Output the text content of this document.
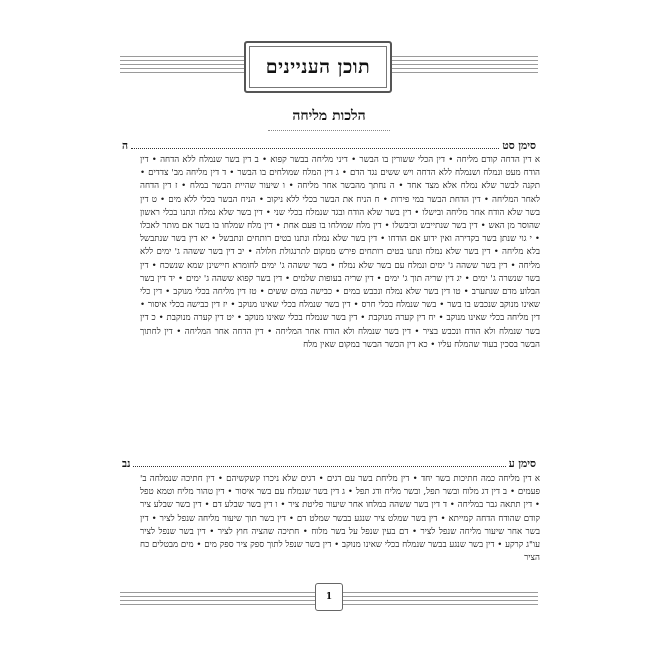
תוכן העניינים
הלכות מליחה
סימן סט
ה
א דין הדחה קודם מליחה • דין הכלי ששורין בו הבשר • דיני מליחה בבשר קפוא • ב דין בשר שנמלח ללא הדחה • דין הודח מעט ונמלח ושנמלח ללא הדחה ויש ששים נגד הדם • ג דין המלח שמולחים בו הבשר • ד דין מליחה מב' צדדים • תקנה לבשר שלא נמלח אלא מצד אחד • ה נחתך מהבשר אחר מליחה • ו שיעור שהיית הבשר במלח • ז דין הדחה לאחר המליחה • דין הדחת הבשר במי פירות • ח הניח את הבשר בכלי ללא ניקוב • הניח הבשר בכלי ללא מים • ט דין בשר שלא הודח אחר מליחה ובישלו • דין בשר שלא הודח ובגד שנמלח בכלי שני • דין בשר שלא נמלח ונתנו בכלי ראשון שהוסר מן האש • דין בשר שנתייבש וביבשלו • דין מלח שמולחו בו פעם אחת • דין מלח שמלחו בו בשר אם מותר לאכלו • י גוי שנתן בשר בקדירה ואין ידוע אם הודחו • דין בשר שלא נמלח ונתנו בטים רותחים ונתבשל • יא דין בשר שנתבשל בלא מליחה • דין בשר שלא נמלח ונתנו בטים רותחים פירש ממקום לתרנגולת חלולה • יב דין בשר ששהה ג' ימים ללא מליחה • דין בשר ששהה ג' ימים ונמלח עם בשר שלא נמלח • בשר ששהה ג' ימים לחומרא חיישינן שמא שנשכח • דין בשר שנשרה ג' ימים • יג דין שריה תוך ג' ימים • דין שריה בעופות שלמים • דין בשר קפוא ששהה ג' ימים • יד דין בשר הבלוע מדם שנתערב • טו דין בשר שלא נמלח ונכבש במים • כבישה במים ששים • טז דין מליחה בכלי מנוקב • דין כלי שאינו מנוקב שנכבש בו בשר • בשר שנמלח בכלי חרס • דין בשר שנמלח בכלי שאינו מנוקב • יז דין כבישה בכלי איסור • דין מליחה בכלי שאינו מנוקב • יח דין קערה מנוקבת • דין בשר שנמלח בכלי שאינו מנוקב • יט דין קערה מנוקבת • כ דין בשר שנמלח ולא הודח ונכבש בציר • דין בשר שנמלח ולא הודח אחר המליחה • דין הדחה אחר המליחה • דין לחתוך הבשר בסכין בעוד שהמלח עליו • כא דין הכשר הבשר במקום שאין מלח
סימן ע
נב
א דין מליחה כמה חתיכות בשר יחד • דין מליחת בשר עם דגים • דגים שלא ניכרו קשקשיהם • דין חתיכה שנמלחה ב' פעמים • ב דין דג מלוח ובשר תפל, ובשר מליח ודג תפל • ג דין בשר שנמלח עם בשר איסור • דין טהור מליח וטמא טפל • דין תתאה גבר במליחה • ד דין בשר ששהה במלחו אחר שיעור פליטת ציר • ו דין בשר שבלע דם • דין בשר שבלע ציר קודם שהודח הדחה קמייתא • דין בשר שמלט ציר שנגע בבשר שמלט דם • דין בשר תוך שיעור מליחה שנפל לציר • דין בשר אחר שיעור מליחה שנפל לציר • דם בעין שנפל על בשר מלוח • חתיכה שהציה חוץ לציר • דין בשר שנפל לציר עו"ג קרקע • דין בשר שנגע בבשר שנמלח בכלי שאינו מנוקב • דין בשר שנפל לתוך ספק ציר ספק מים • מים מבטלים כח הציר
1
